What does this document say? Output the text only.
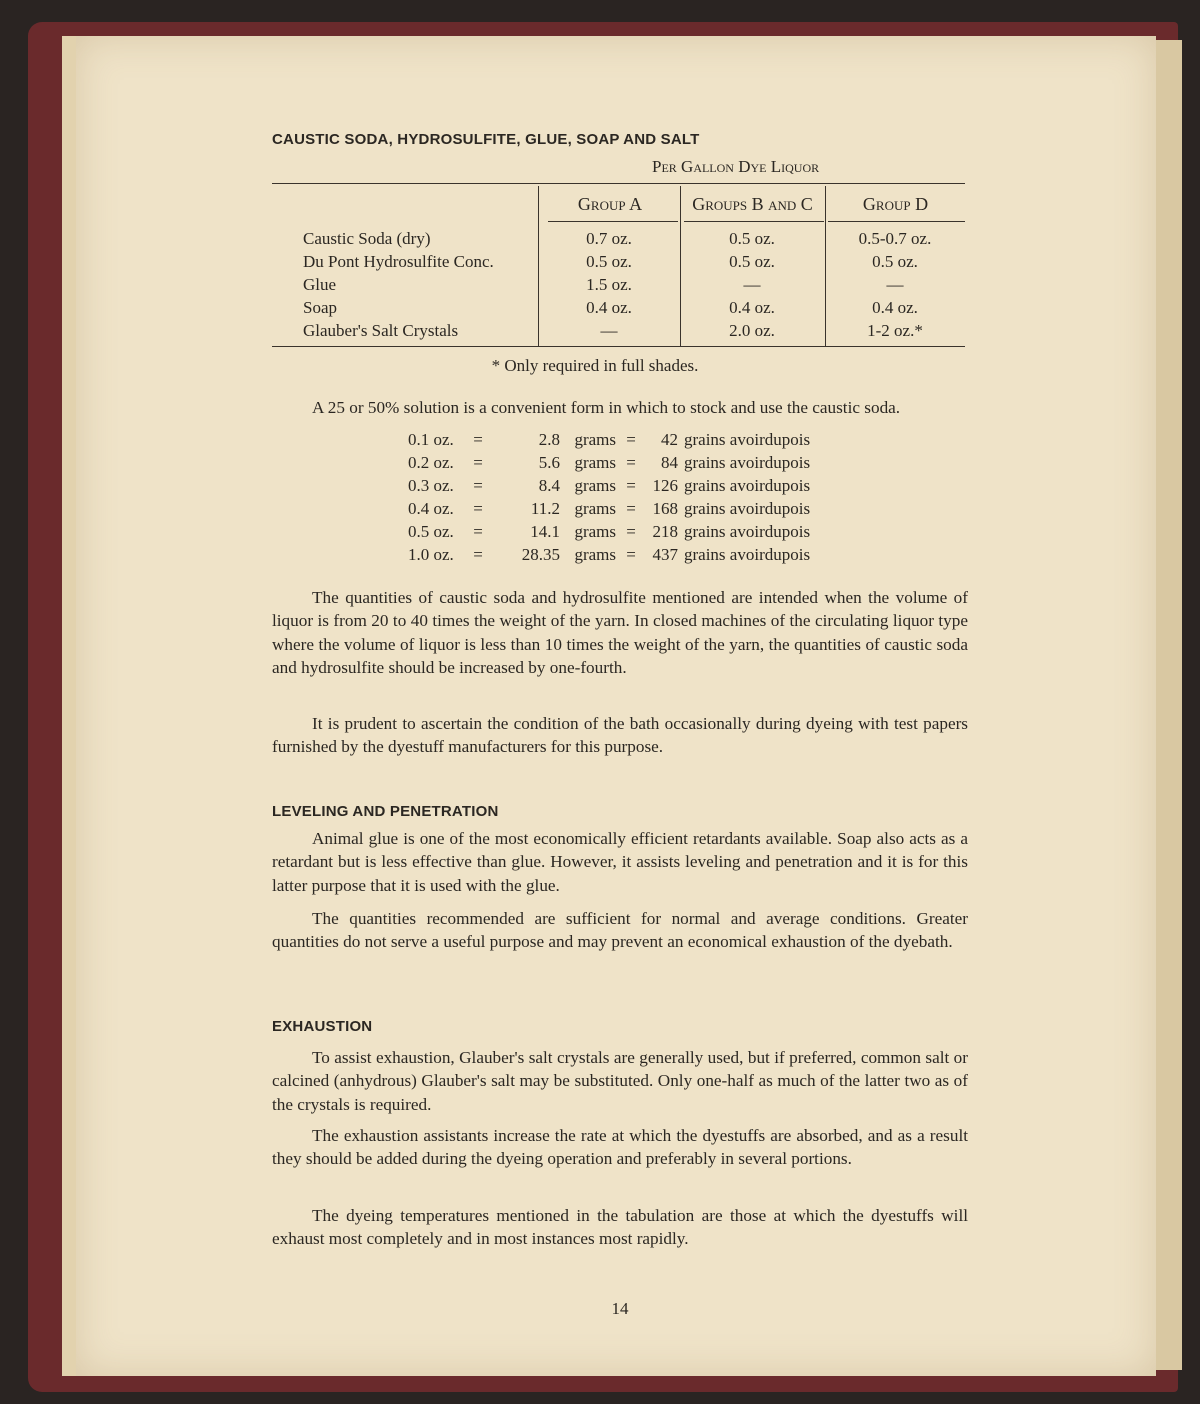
CAUSTIC SODA, HYDROSULFITE, GLUE, SOAP AND SALT
Per Gallon Dye Liquor
Group A	Groups B and C	Group D
Caustic Soda (dry)	0.7 oz.	0.5 oz.	0.5-0.7 oz.
Du Pont Hydrosulfite Conc.	0.5 oz.	0.5 oz.	0.5 oz.
Glue	1.5 oz.	—	—
Soap	0.4 oz.	0.4 oz.	0.4 oz.
Glauber's Salt Crystals	—	2.0 oz.	1-2 oz.*
* Only required in full shades.
A 25 or 50% solution is a convenient form in which to stock and use the caustic soda.
0.1 oz. =	2.8 grams = 42 grains avoirdupois
0.2 oz. =	5.6 grams = 84 grains avoirdupois
0.3 oz. =	8.4 grams = 126 grains avoirdupois
0.4 oz. =	11.2 grams = 168 grains avoirdupois
0.5 oz. =	14.1 grams = 218 grains avoirdupois
1.0 oz. = 28.35 grams = 437 grains avoirdupois
The quantities of caustic soda and hydrosulfite mentioned are intended when the volume of liquor is from 20 to 40 times the weight of the yarn. In closed machines of the circulating liquor type where the volume of liquor is less than 10 times the weight of the yarn, the quantities of caustic soda and hydrosulfite should be increased by one-fourth.
It is prudent to ascertain the condition of the bath occasionally during dyeing with test papers furnished by the dyestuff manufacturers for this purpose.
LEVELING AND PENETRATION
Animal glue is one of the most economically efficient retardants available. Soap also acts as a retardant but is less effective than glue. However, it assists leveling and penetration and it is for this latter purpose that it is used with the glue.
The quantities recommended are sufficient for normal and average conditions. Greater quantities do not serve a useful purpose and may prevent an economical exhaustion of the dyebath.
EXHAUSTION
To assist exhaustion, Glauber's salt crystals are generally used, but if preferred, common salt or calcined (anhydrous) Glauber's salt may be substituted. Only one-half as much of the latter two as of the crystals is required.
The exhaustion assistants increase the rate at which the dyestuffs are absorbed, and as a result they should be added during the dyeing operation and preferably in several portions.
The dyeing temperatures mentioned in the tabulation are those at which the dyestuffs will exhaust most completely and in most instances most rapidly.
14
